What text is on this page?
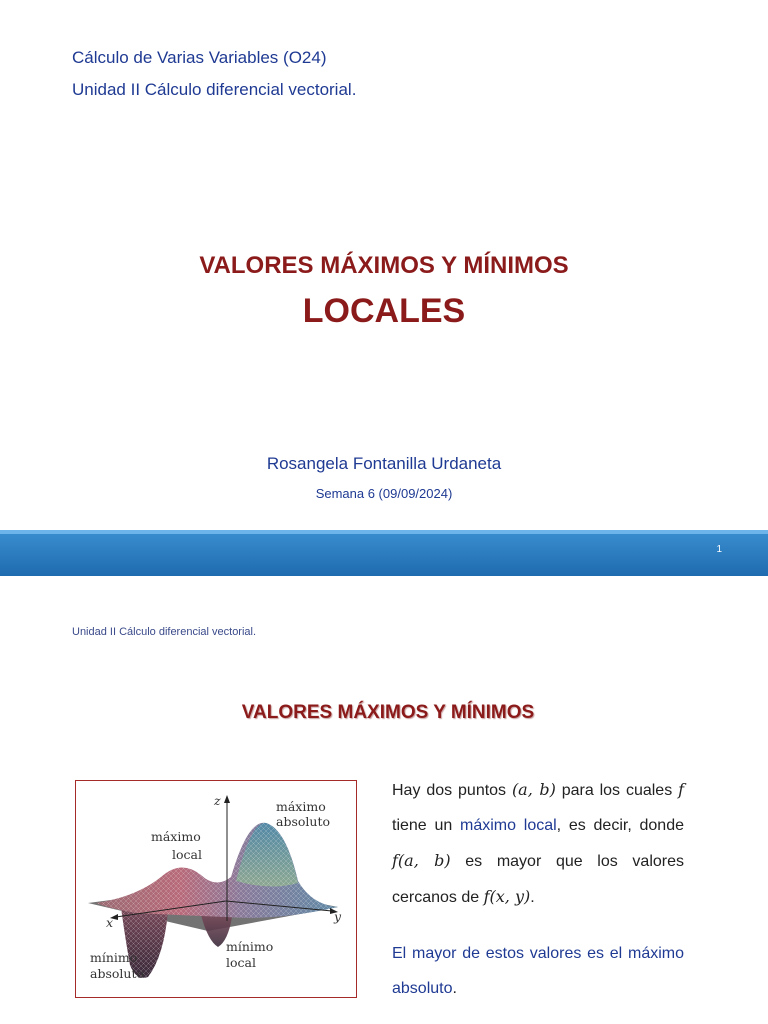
Cálculo de Varias Variables (O24)
Unidad II Cálculo diferencial vectorial.
VALORES MÁXIMOS Y MÍNIMOS
LOCALES
Rosangela Fontanilla Urdaneta
Semana 6 (09/09/2024)
1
Unidad II Cálculo diferencial vectorial.
VALORES MÁXIMOS Y MÍNIMOS
z
x	y
máximo
absoluto
máximo
local
mínimo
local
mínimo
absoluto
Hay dos puntos (a, b) para los cuales f tiene un máximo local, es decir, donde f(a, b) es mayor que los valores cercanos de f(x, y).
El mayor de estos valores es el máximo absoluto.
